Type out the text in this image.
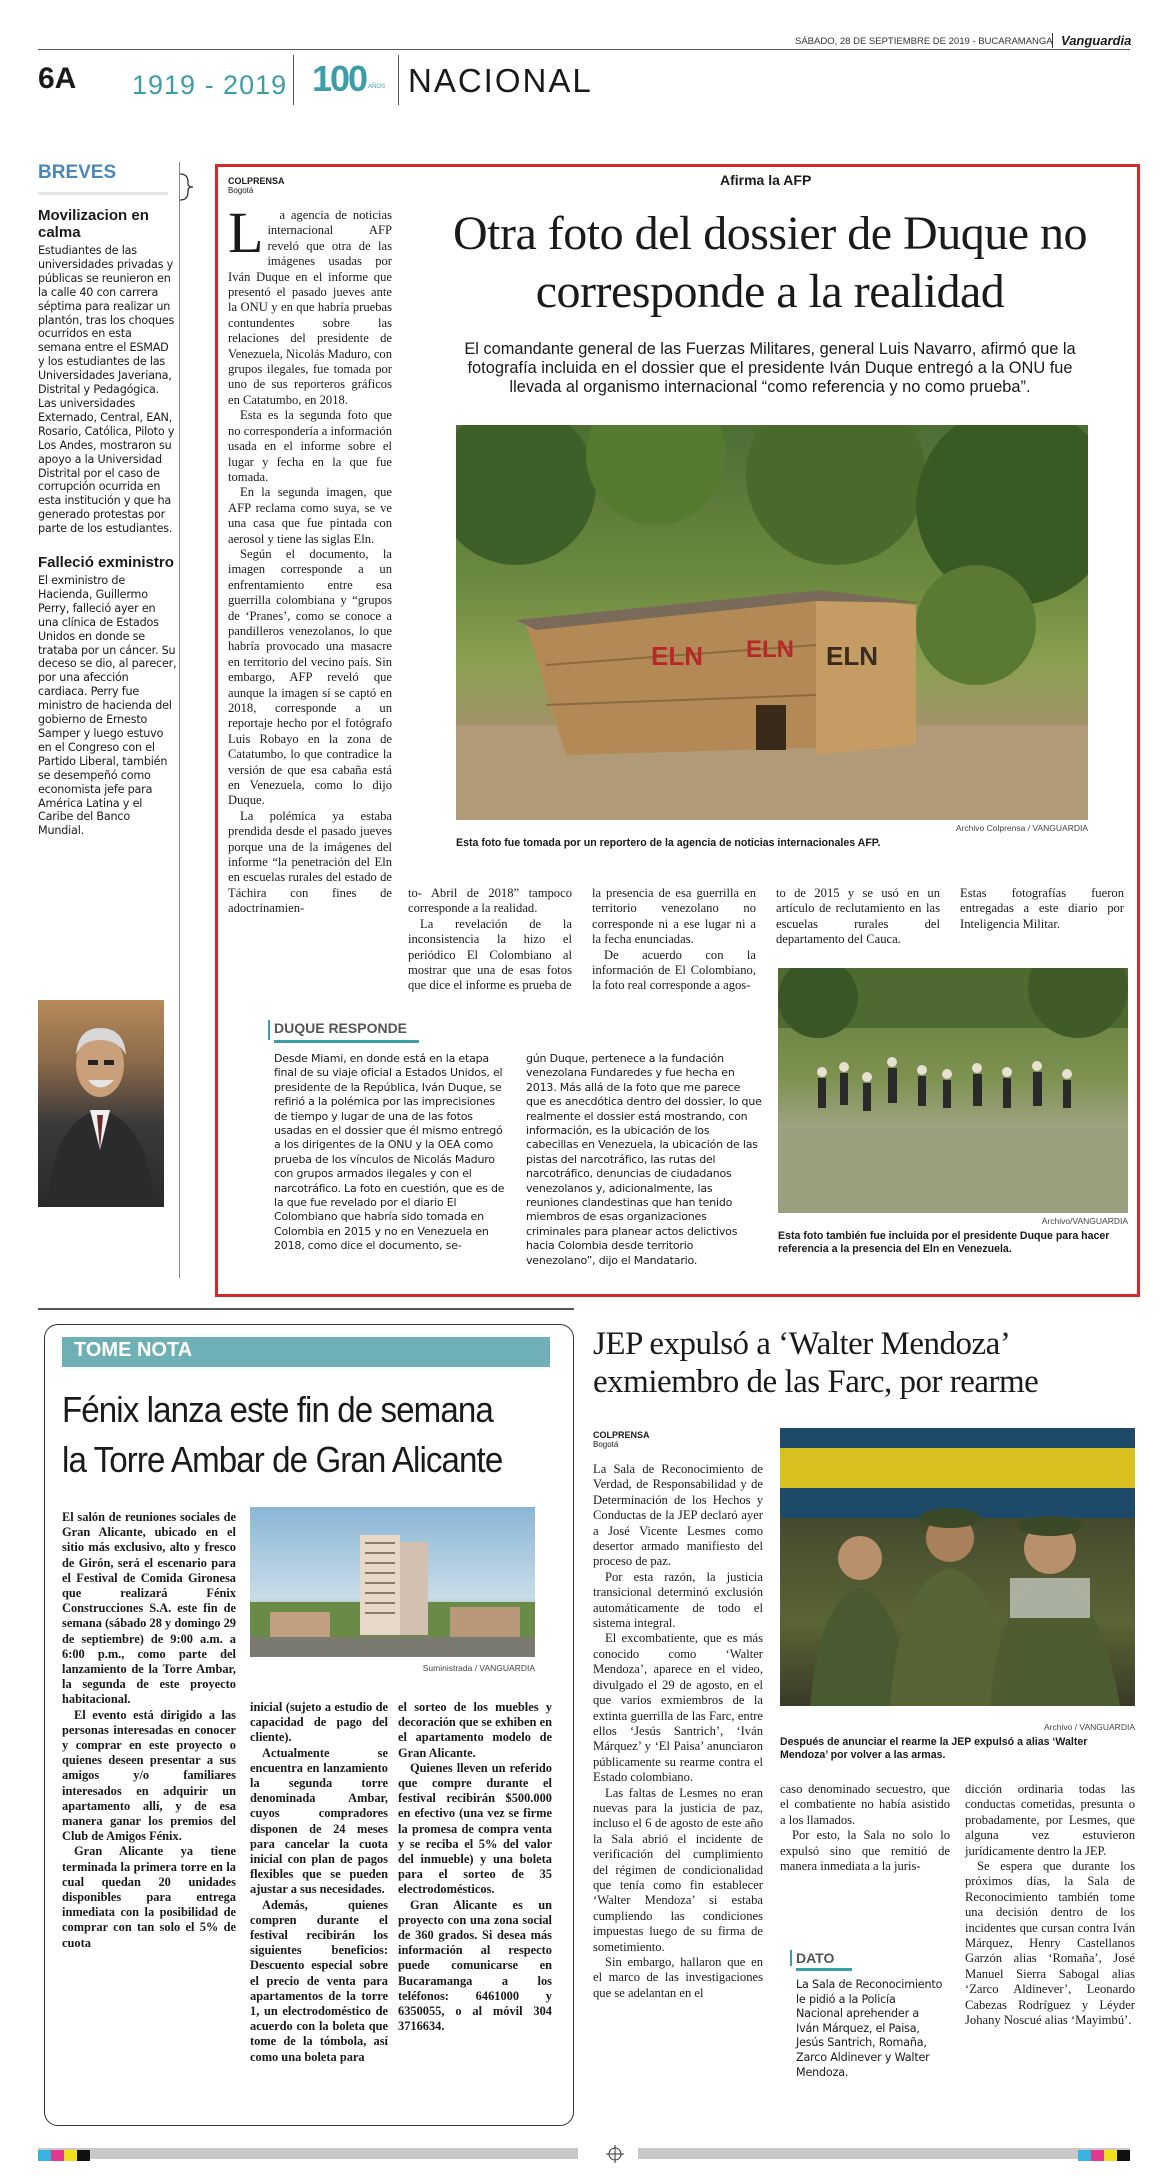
SÁBADO, 28 DE SEPTIEMBRE DE 2019 - BUCARAMANGA Vanguardia
6A 1919 - 2019 100 AÑOS NACIONAL
BREVES
Movilizacion en calma
Estudiantes de las universidades privadas y públicas se reunieron en la calle 40 con carrera séptima para realizar un plantón, tras los choques ocurridos en esta semana entre el ESMAD y los estudiantes de las Universidades Javeriana, Distrital y Pedagógica. Las universidades Externado, Central, EAN, Rosario, Católica, Piloto y Los Andes, mostraron su apoyo a la Universidad Distrital por el caso de corrupción ocurrida en esta institución y que ha generado protestas por parte de los estudiantes.
Falleció exministro
El exministro de Hacienda, Guillermo Perry, falleció ayer en una clínica de Estados Unidos en donde se trataba por un cáncer. Su deceso se dio, al parecer, por una afección cardiaca. Perry fue ministro de hacienda del gobierno de Ernesto Samper y luego estuvo en el Congreso con el Partido Liberal, también se desempeñó como economista jefe para América Latina y el Caribe del Banco Mundial.
COLPRENSA
Bogotá
Afirma la AFP
Otra foto del dossier de Duque no corresponde a la realidad
El comandante general de las Fuerzas Militares, general Luis Navarro, afirmó que la fotografía incluida en el dossier que el presidente Iván Duque entregó a la ONU fue llevada al organismo internacional “como referencia y no como prueba”.
L	a agencia de noticias internacional AFP reveló que otra de las imágenes usadas por Iván Duque en el informe que presentó el pasado jueves ante la ONU y en que habría pruebas contundentes sobre las relaciones del presidente de Venezuela, Nicolás Maduro, con grupos ilegales, fue tomada por uno de sus reporteros gráficos en Catatumbo, en 2018.

Esta es la segunda foto que no correspondería a información usada en el informe sobre el lugar y fecha en la que fue tomada.

En la segunda imagen, que AFP reclama como suya, se ve una casa que fue pintada con aerosol y tiene las siglas Eln.

Según el documento, la imagen corresponde a un enfrentamiento entre esa guerrilla colombiana y “grupos de ‘Pranes’, como se conoce a pandilleros venezolanos, lo que habría provocado una masacre en territorio del vecino país. Sin embargo, AFP reveló que aunque la imagen sí se captó en 2018, corresponde a un reportaje hecho por el fotógrafo Luis Robayo en la zona de Catatumbo, lo que contradice la versión de que esa cabaña está en Venezuela, como lo dijo Duque.

La polémica ya estaba prendida desde el pasado jueves porque una de la imágenes del informe “la penetración del Eln en escuelas rurales del estado de Táchira con fines de adoctrinamien-

ELN ELN ELN
Archivo Colprensa / VANGUARDIA
Esta foto fue tomada por un reportero de la agencia de noticias internacionales AFP.

to- Abril de 2018” tampoco corresponde a la realidad.

La revelación de la inconsistencia la hizo el periódico El Colombiano al mostrar que una de esas fotos que dice el informe es prueba de

la presencia de esa guerrilla en territorio venezolano no corresponde ni a ese lugar ni a la fecha enunciadas.

De acuerdo con la información de El Colombiano, la foto real corresponde a agos-

to de 2015 y se usó en un artículo de reclutamiento en las escuelas rurales del departamento del Cauca.

Estas fotografías fueron entregadas a este diario por Inteligencia Militar.

Archivo/VANGUARDIA
Esta foto también fue incluida por el presidente Duque para hacer referencia a la presencia del Eln en Venezuela.
DUQUE RESPONDE
Desde Miami, en donde está en la etapa final de su viaje oficial a Estados Unidos, el presidente de la República, Iván Duque, se refirió a la polémica por las imprecisiones de tiempo y lugar de una de las fotos usadas en el dossier que él mismo entregó a los dirigentes de la ONU y la OEA como prueba de los vínculos de Nicolás Maduro con grupos armados ilegales y con el narcotráfico. La foto en cuestión, que es de la que fue revelado por el diario El Colombiano que habría sido tomada en Colombia en 2015 y no en Venezuela en 2018, como dice el documento, se-
gún Duque, pertenece a la fundación venezolana Fundaredes y fue hecha en 2013. Más allá de la foto que me parece que es anecdótica dentro del dossier, lo que realmente el dossier está mostrando, con información, es la ubicación de los cabecillas en Venezuela, la ubicación de las pistas del narcotráfico, las rutas del narcotráfico, denuncias de ciudadanos venezolanos y, adicionalmente, las reuniones clandestinas que han tenido miembros de esas organizaciones criminales para planear actos delictivos hacia Colombia desde territorio venezolano”, dijo el Mandatario.
TOME NOTA
Fénix lanza este fin de semana la Torre Ambar de Gran Alicante
Suministrada / VANGUARDIA

El salón de reuniones sociales de Gran Alicante, ubicado en el sitio más exclusivo, alto y fresco de Girón, será el escenario para el Festival de Comida Gironesa que realizará Fénix Construcciones S.A. este fin de semana (sábado 28 y domingo 29 de septiembre) de 9:00 a.m. a 6:00 p.m., como parte del lanzamiento de la Torre Ambar, la segunda de este proyecto habitacional.

El evento está dirigido a las personas interesadas en conocer y comprar en este proyecto o quienes deseen presentar a sus amigos y/o familiares interesados en adquirir un apartamento allí, y de esa manera ganar los premios del Club de Amigos Fénix.

Gran Alicante ya tiene terminada la primera torre en la cual quedan 20 unidades disponibles para entrega inmediata con la posibilidad de comprar con tan solo el 5% de cuota

inicial (sujeto a estudio de capacidad de pago del cliente).

Actualmente se encuentra en lanzamiento la segunda torre denominada Ambar, cuyos compradores disponen de 24 meses para cancelar la cuota inicial con plan de pagos flexibles que se pueden ajustar a sus necesidades.

Además, quienes compren durante el festival recibirán los siguientes beneficios: Descuento especial sobre el precio de venta para apartamentos de la torre 1, un electrodoméstico de acuerdo con la boleta que tome de la tómbola, así como una boleta para

el sorteo de los muebles y decoración que se exhiben en el apartamento modelo de Gran Alicante.

Quienes lleven un referido que compre durante el festival recibirán $500.000 en efectivo (una vez se firme la promesa de compra venta y se reciba el 5% del valor del inmueble) y una boleta para el sorteo de 35 electrodomésticos.

Gran Alicante es un proyecto con una zona social de 360 grados. Si desea más información al respecto puede comunicarse en Bucaramanga a los teléfonos: 6461000 y 6350055, o al móvil 304 3716634.

JEP expulsó a ‘Walter Mendoza’ exmiembro de las Farc, por rearme
COLPRENSA
Bogotá

La Sala de Reconocimiento de Verdad, de Responsabilidad y de Determinación de los Hechos y Conductas de la JEP declaró ayer a José Vicente Lesmes como desertor armado manifiesto del proceso de paz.

Por esta razón, la justicia transicional determinó exclusión automáticamente de todo el sistema integral.

El excombatiente, que es más conocido como ‘Walter Mendoza’, aparece en el video, divulgado el 29 de agosto, en el que varios exmiembros de la extinta guerrilla de las Farc, entre ellos ‘Jesús Santrich’, ‘Iván Márquez’ y ‘El Paisa’ anunciaron públicamente su rearme contra el Estado colombiano.

Las faltas de Lesmes no eran nuevas para la justicia de paz, incluso el 6 de agosto de este año la Sala abrió el incidente de verificación del cumplimiento del régimen de condicionalidad que tenía como fin establecer ‘Walter Mendoza’ si estaba cumpliendo las condiciones impuestas luego de su firma de sometimiento.

Sin embargo, hallaron que en el marco de las investigaciones que se adelantan en el

Archivo / VANGUARDIA
Después de anunciar el rearme la JEP expulsó a alias ‘Walter Mendoza’ por volver a las armas.

caso denominado secuestro, que el combatiente no había asistido a los llamados.

Por esto, la Sala no solo lo expulsó sino que remitió de manera inmediata a la juris-

dicción ordinaria todas las conductas cometidas, presunta o probadamente, por Lesmes, que alguna vez estuvieron jurídicamente dentro la JEP.

Se espera que durante los próximos días, la Sala de Reconocimiento también tome una decisión dentro de los incidentes que cursan contra Iván Márquez, Henry Castellanos Garzón alias ‘Romaña’, José Manuel Sierra Sabogal alias ‘Zarco Aldinever’, Leonardo Cabezas Rodríguez y Léyder Johany Noscué alias ‘Mayimbú’.

DATO
La Sala de Reconocimiento le pidió a la Policía Nacional aprehender a Iván Márquez, el Paisa, Jesús Santrich, Romaña, Zarco Aldinever y Walter Mendoza.
